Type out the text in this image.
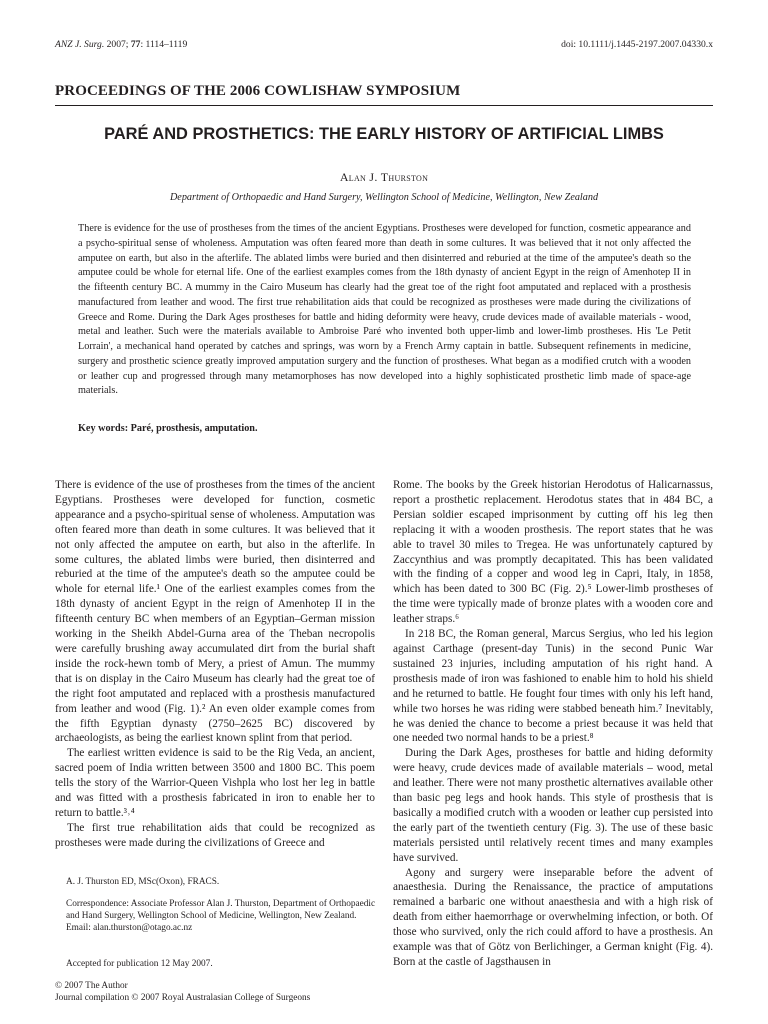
ANZ J. Surg. 2007; 77: 1114–1119	doi: 10.1111/j.1445-2197.2007.04330.x
PROCEEDINGS OF THE 2006 COWLISHAW SYMPOSIUM
PARÉ AND PROSTHETICS: THE EARLY HISTORY OF ARTIFICIAL LIMBS
Alan J. Thurston
Department of Orthopaedic and Hand Surgery, Wellington School of Medicine, Wellington, New Zealand

There is evidence for the use of prostheses from the times of the ancient Egyptians. Prostheses were developed for function, cosmetic appearance and a psycho-spiritual sense of wholeness. Amputation was often feared more than death in some cultures. It was believed that it not only affected the amputee on earth, but also in the afterlife. The ablated limbs were buried and then disinterred and reburied at the time of the amputee's death so the amputee could be whole for eternal life. One of the earliest examples comes from the 18th dynasty of ancient Egypt in the reign of Amenhotep II in the fifteenth century BC. A mummy in the Cairo Museum has clearly had the great toe of the right foot amputated and replaced with a prosthesis manufactured from leather and wood. The first true rehabilitation aids that could be recognized as prostheses were made during the civilizations of Greece and Rome. During the Dark Ages prostheses for battle and hiding deformity were heavy, crude devices made of available materials - wood, metal and leather. Such were the materials available to Ambroise Paré who invented both upper-limb and lower-limb prostheses. His 'Le Petit Lorrain', a mechanical hand operated by catches and springs, was worn by a French Army captain in battle. Subsequent refinements in medicine, surgery and prosthetic science greatly improved amputation surgery and the function of prostheses. What began as a modified crutch with a wooden or leather cup and progressed through many metamorphoses has now developed into a highly sophisticated prosthetic limb made of space-age materials.

Key words: Paré, prosthesis, amputation.

There is evidence of the use of prostheses from the times of the ancient Egyptians. Prostheses were developed for function, cosmetic appearance and a psycho-spiritual sense of wholeness. Amputation was often feared more than death in some cultures. It was believed that it not only affected the amputee on earth, but also in the afterlife. In some cultures, the ablated limbs were buried, then disinterred and reburied at the time of the amputee's death so the amputee could be whole for eternal life.¹ One of the earliest examples comes from the 18th dynasty of ancient Egypt in the reign of Amenhotep II in the fifteenth century BC when members of an Egyptian–German mission working in the Sheikh Abdel-Gurna area of the Theban necropolis were carefully brushing away accumulated dirt from the burial shaft inside the rock-hewn tomb of Mery, a priest of Amun. The mummy that is on display in the Cairo Museum has clearly had the great toe of the right foot amputated and replaced with a prosthesis manufactured from leather and wood (Fig. 1).² An even older example comes from the fifth Egyptian dynasty (2750–2625 BC) discovered by archaeologists, as being the earliest known splint from that period.

The earliest written evidence is said to be the Rig Veda, an ancient, sacred poem of India written between 3500 and 1800 BC. This poem tells the story of the Warrior-Queen Vishpla who lost her leg in battle and was fitted with a prosthesis fabricated in iron to enable her to return to battle.³˒⁴

The first true rehabilitation aids that could be recognized as prostheses were made during the civilizations of Greece and

Rome. The books by the Greek historian Herodotus of Halicarnassus, report a prosthetic replacement. Herodotus states that in 484 BC, a Persian soldier escaped imprisonment by cutting off his leg then replacing it with a wooden prosthesis. The report states that he was able to travel 30 miles to Tregea. He was unfortunately captured by Zaccynthius and was promptly decapitated. This has been validated with the finding of a copper and wood leg in Capri, Italy, in 1858, which has been dated to 300 BC (Fig. 2).⁵ Lower-limb prostheses of the time were typically made of bronze plates with a wooden core and leather straps.⁶

In 218 BC, the Roman general, Marcus Sergius, who led his legion against Carthage (present-day Tunis) in the second Punic War sustained 23 injuries, including amputation of his right hand. A prosthesis made of iron was fashioned to enable him to hold his shield and he returned to battle. He fought four times with only his left hand, while two horses he was riding were stabbed beneath him.⁷ Inevitably, he was denied the chance to become a priest because it was held that one needed two normal hands to be a priest.⁸

During the Dark Ages, prostheses for battle and hiding deformity were heavy, crude devices made of available materials – wood, metal and leather. There were not many prosthetic alternatives available other than basic peg legs and hook hands. This style of prosthesis that is basically a modified crutch with a wooden or leather cup persisted into the early part of the twentieth century (Fig. 3). The use of these basic materials persisted until relatively recent times and many examples have survived.

Agony and surgery were inseparable before the advent of anaesthesia. During the Renaissance, the practice of amputations remained a barbaric one without anaesthesia and with a high risk of death from either haemorrhage or overwhelming infection, or both. Of those who survived, only the rich could afford to have a prosthesis. An example was that of Götz von Berlichinger, a German knight (Fig. 4). Born at the castle of Jagsthausen in

A. J. Thurston ED, MSc(Oxon), FRACS.
Correspondence: Associate Professor Alan J. Thurston, Department of Orthopaedic and Hand Surgery, Wellington School of Medicine, Wellington, New Zealand.
Email: alan.thurston@otago.ac.nz
Accepted for publication 12 May 2007.
© 2007 The Author
Journal compilation © 2007 Royal Australasian College of Surgeons
